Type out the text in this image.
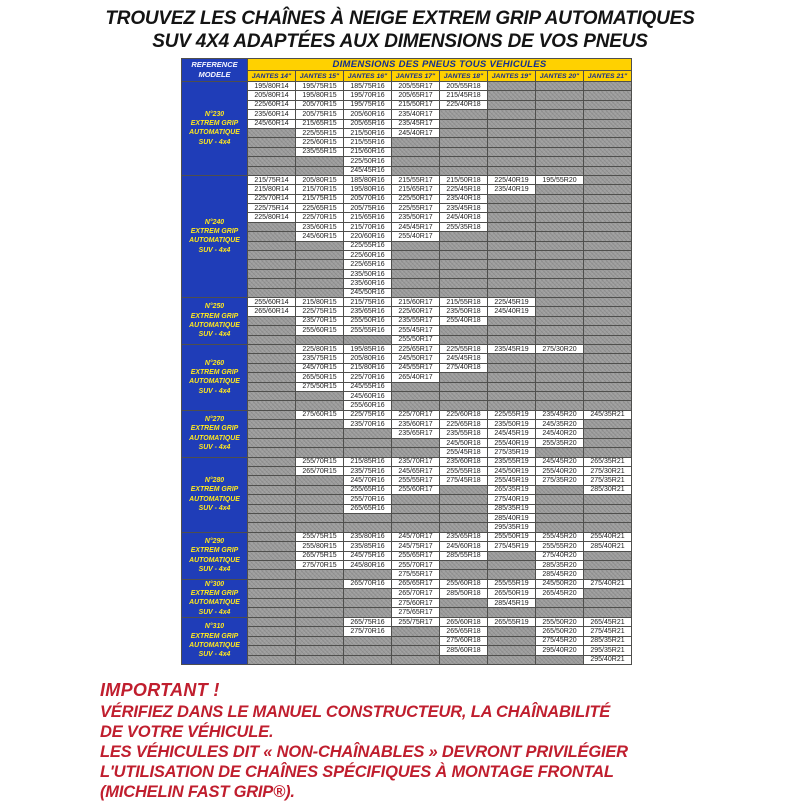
TROUVEZ LES CHAÎNES À NEIGE EXTREM GRIP AUTOMATIQUES
SUV 4X4 ADAPTÉES AUX DIMENSIONS DE VOS PNEUS
REFERENCE
MODELE	DIMENSIONS DES PNEUS TOUS VEHICULES							
	JANTES 14"	JANTES 15"	JANTES 16"	JANTES 17"	JANTES 18"	JANTES 19"	JANTES 20"	JANTES 21"

N°230
EXTREM GRIP
AUTOMATIQUE
SUV - 4x4	195/80R14	195/75R15	185/75R16	205/55R17	205/55R18			
	205/80R14	195/80R15	195/70R16	205/65R17	215/45R18			
	225/60R14	205/70R15	195/75R16	215/50R17	225/40R18			
	235/60R14	205/75R15	205/60R16	235/40R17				
	245/60R14	215/65R15	205/65R16	235/45R17				
		225/55R15	215/50R16	245/40R17				
		225/60R15	215/55R16					
		235/55R15	215/60R16					
			225/50R16					
			245/45R16					

N°240
EXTREM GRIP
AUTOMATIQUE
SUV - 4x4	215/75R14	205/80R15	185/80R16	215/55R17	215/50R18	225/40R19	195/55R20	
	215/80R14	215/70R15	195/80R16	215/65R17	225/45R18	235/40R19		
	225/70R14	215/75R15	205/70R16	225/50R17	235/40R18			
	225/75R14	225/65R15	205/75R16	225/55R17	235/45R18			
	225/80R14	225/70R15	215/65R16	235/50R17	245/40R18			
		235/60R15	215/70R16	245/45R17	255/35R18			
		245/60R15	220/60R16	255/40R17				
			225/55R16					
			225/60R16					
			225/65R16					
			235/50R16					
			235/60R16					
			245/50R16					

N°250
EXTREM GRIP
AUTOMATIQUE
SUV - 4x4	255/60R14	215/80R15	215/75R16	215/60R17	215/55R18	225/45R19		
	265/60R14	225/75R15	235/65R16	225/60R17	235/50R18	245/40R19		
		235/70R15	255/50R16	235/55R17	255/40R18			
		255/60R15	255/55R16	255/45R17				
				255/50R17				

N°260
EXTREM GRIP
AUTOMATIQUE
SUV - 4x4		225/80R15	195/85R16	225/65R17	225/55R18	235/45R19	275/30R20	
		235/75R15	205/80R16	245/50R17	245/45R18			
		245/70R15	215/80R16	245/55R17	275/40R18			
		265/50R15	225/70R16	265/40R17				
		275/50R15	245/55R16					
			245/60R16					
			255/60R16					

N°270
EXTREM GRIP
AUTOMATIQUE
SUV - 4x4		275/60R15	225/75R16	225/70R17	225/60R18	225/55R19	235/45R20	245/35R21
			235/70R16	235/60R17	225/65R18	235/50R19	245/35R20	
				235/65R17	235/55R18	245/45R19	245/40R20	
					245/50R18	255/40R19	255/35R20	
					255/45R18	275/35R19		

N°280
EXTREM GRIP
AUTOMATIQUE
SUV - 4x4		255/70R15	215/85R16	235/70R17	235/60R18	235/55R19	245/45R20	265/35R21
		265/70R15	235/75R16	245/65R17	255/55R18	245/50R19	255/40R20	275/30R21
			245/70R16	255/55R17	275/45R18	255/45R19	275/35R20	275/35R21
			255/65R16	255/60R17		265/35R19		285/30R21
			255/70R16			275/40R19		
			265/65R16			285/35R19		
						285/40R19		
						295/35R19		

N°290
EXTREM GRIP
AUTOMATIQUE
SUV - 4x4		255/75R15	235/80R16	245/70R17	235/65R18	255/50R19	255/45R20	255/40R21
		255/80R15	235/85R16	245/75R17	245/60R18	275/45R19	255/55R20	285/40R21
		265/75R15	245/75R16	255/65R17	285/55R18		275/40R20	
		275/70R15	245/80R16	255/70R17			285/35R20	
				275/55R17			285/45R20	

N°300
EXTREM GRIP
AUTOMATIQUE
SUV - 4x4			265/70R16	265/65R17	255/60R18	255/55R19	245/50R20	275/40R21
				265/70R17	285/50R18	265/50R19	265/45R20	
				275/60R17		285/45R19		
				275/65R17				

N°310
EXTREM GRIP
AUTOMATIQUE
SUV - 4x4			265/75R16	255/75R17	265/60R18	265/55R19	255/50R20	265/45R21
			275/70R16		265/65R18		265/50R20	275/45R21
					275/60R18		275/45R20	285/35R21
					285/60R18		295/40R20	295/35R21
								295/40R21
IMPORTANT !
VÉRIFIEZ DANS LE MANUEL CONSTRUCTEUR, LA CHAÎNABILITÉ
DE VOTRE VÉHICULE.
LES VÉHICULES DIT « NON-CHAÎNABLES » DEVRONT PRIVILÉGIER
L'UTILISATION DE CHAÎNES SPÉCIFIQUES À MONTAGE FRONTAL
(MICHELIN FAST GRIP®).
